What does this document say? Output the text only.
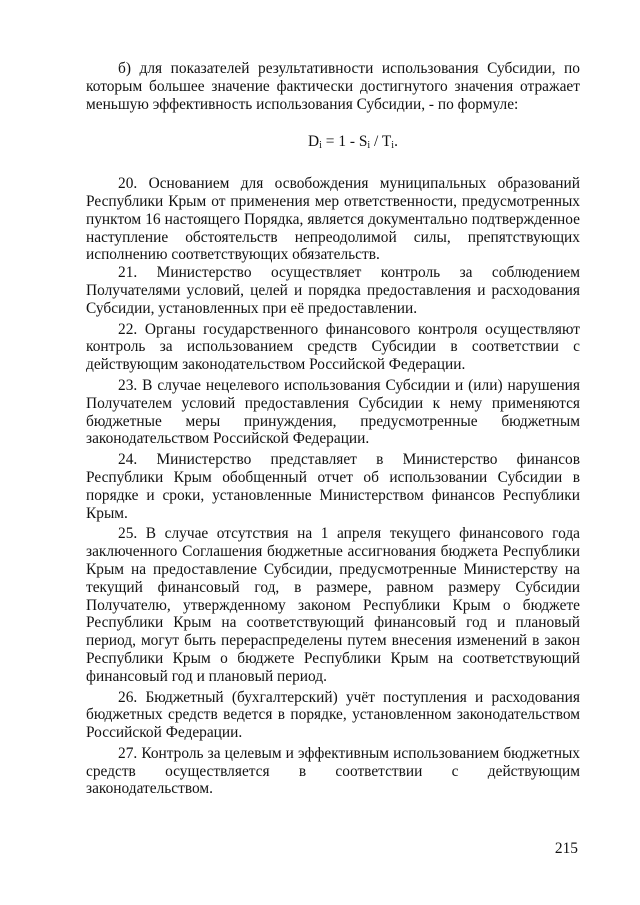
б) для показателей результативности использования Субсидии, по которым большее значение фактически достигнутого значения отражает меньшую эффективность использования Субсидии, - по формуле:

$D_i = 1 - S_i / T_i$.

20. Основанием для освобождения муниципальных образований Республики Крым от применения мер ответственности, предусмотренных пунктом 16 настоящего Порядка, является документально подтвержденное наступление обстоятельств непреодолимой силы, препятствующих исполнению соответствующих обязательств.

21. Министерство осуществляет контроль за соблюдением Получателями условий, целей и порядка предоставления и расходования Субсидии, установленных при её предоставлении.

22. Органы государственного финансового контроля осуществляют контроль за использованием средств Субсидии в соответствии с действующим законодательством Российской Федерации.

23. В случае нецелевого использования Субсидии и (или) нарушения Получателем условий предоставления Субсидии к нему применяются бюджетные меры принуждения, предусмотренные бюджетным законодательством Российской Федерации.

24. Министерство представляет в Министерство финансов Республики Крым обобщенный отчет об использовании Субсидии в порядке и сроки, установленные Министерством финансов Республики Крым.

25. В случае отсутствия на 1 апреля текущего финансового года заключенного Соглашения бюджетные ассигнования бюджета Республики Крым на предоставление Субсидии, предусмотренные Министерству на текущий финансовый год, в размере, равном размеру Субсидии Получателю, утвержденному законом Республики Крым о бюджете Республики Крым на соответствующий финансовый год и плановый период, могут быть перераспределены путем внесения изменений в закон Республики Крым о бюджете Республики Крым на соответствующий финансовый год и плановый период.

26. Бюджетный (бухгалтерский) учёт поступления и расходования бюджетных средств ведется в порядке, установленном законодательством Российской Федерации.

27. Контроль за целевым и эффективным использованием бюджетных средств осуществляется в соответствии с действующим законодательством.

215
